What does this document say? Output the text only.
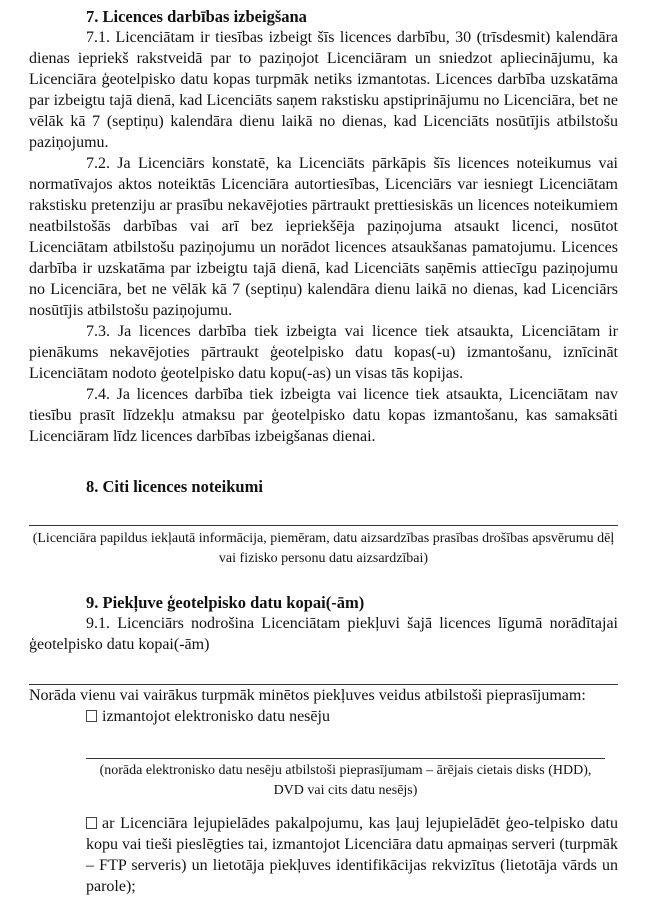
7. Licences darbības izbeigšana

7.1. Licenciātam ir tiesības izbeigt šīs licences darbību, 30 (trīsdesmit) kalendāra dienas iepriekš rakstveidā par to paziņojot Licenciāram un sniedzot apliecinājumu, ka Licenciāra ģeotelpisko datu kopas turpmāk netiks izmantotas. Licences darbība uzskatāma par izbeigtu tajā dienā, kad Licenciāts saņem rakstisku apstiprinājumu no Licenciāra, bet ne vēlāk kā 7 (septiņu) kalendāra dienu laikā no dienas, kad Licenciāts nosūtījis atbilstošu paziņojumu.

7.2. Ja Licenciārs konstatē, ka Licenciāts pārkāpis šīs licences noteikumus vai normatīvajos aktos noteiktās Licenciāra autortiesības, Licenciārs var iesniegt Licenciātam rakstisku pretenziju ar prasību nekavējoties pārtraukt prettiesiskās un licences noteikumiem neatbilstošās darbības vai arī bez iepriekšēja paziņojuma atsaukt licenci, nosūtot Licenciātam atbilstošu paziņojumu un norādot licences atsaukšanas pamatojumu. Licences darbība ir uzskatāma par izbeigtu tajā dienā, kad Licenciāts saņēmis attiecīgu paziņojumu no Licenciāra, bet ne vēlāk kā 7 (septiņu) kalendāra dienu laikā no dienas, kad Licenciārs nosūtījis atbilstošu paziņojumu.

7.3. Ja licences darbība tiek izbeigta vai licence tiek atsaukta, Licenciātam ir pienākums nekavējoties pārtraukt ģeotelpisko datu kopas(-u) izmantošanu, iznīcināt Licenciātam nodoto ģeotelpisko datu kopu(-as) un visas tās kopijas.

7.4. Ja licences darbība tiek izbeigta vai licence tiek atsaukta, Licenciātam nav tiesību prasīt līdzekļu atmaksu par ģeotelpisko datu kopas izmantošanu, kas samaksāti Licenciāram līdz licences darbības izbeigšanas dienai.

8. Citi licences noteikumi
(Licenciāra papildus iekļautā informācija, piemēram, datu aizsardzības prasības drošības apsvērumu dēļ vai fizisko personu datu aizsardzībai)
9. Piekļuve ģeotelpisko datu kopai(-ām)

9.1. Licenciārs nodrošina Licenciātam piekļuvi šajā licences līgumā norādītajai ģeotelpisko datu kopai(-ām)

Norāda vienu vai vairākus turpmāk minētos piekļuves veidus atbilstoši pieprasījumam:

izmantojot elektronisko datu nesēju
(norāda elektronisko datu nesēju atbilstoši pieprasījumam – ārējais cietais disks (HDD), DVD vai cits datu nesējs)

ar Licenciāra lejupielādes pakalpojumu, kas ļauj lejupielādēt ģeo-telpisko datu kopu vai tieši pieslēgties tai, izmantojot Licenciāra datu apmaiņas serveri (turpmāk – FTP serveris) un lietotāja piekļuves identifikācijas rekvizītus (lietotāja vārds un parole);
